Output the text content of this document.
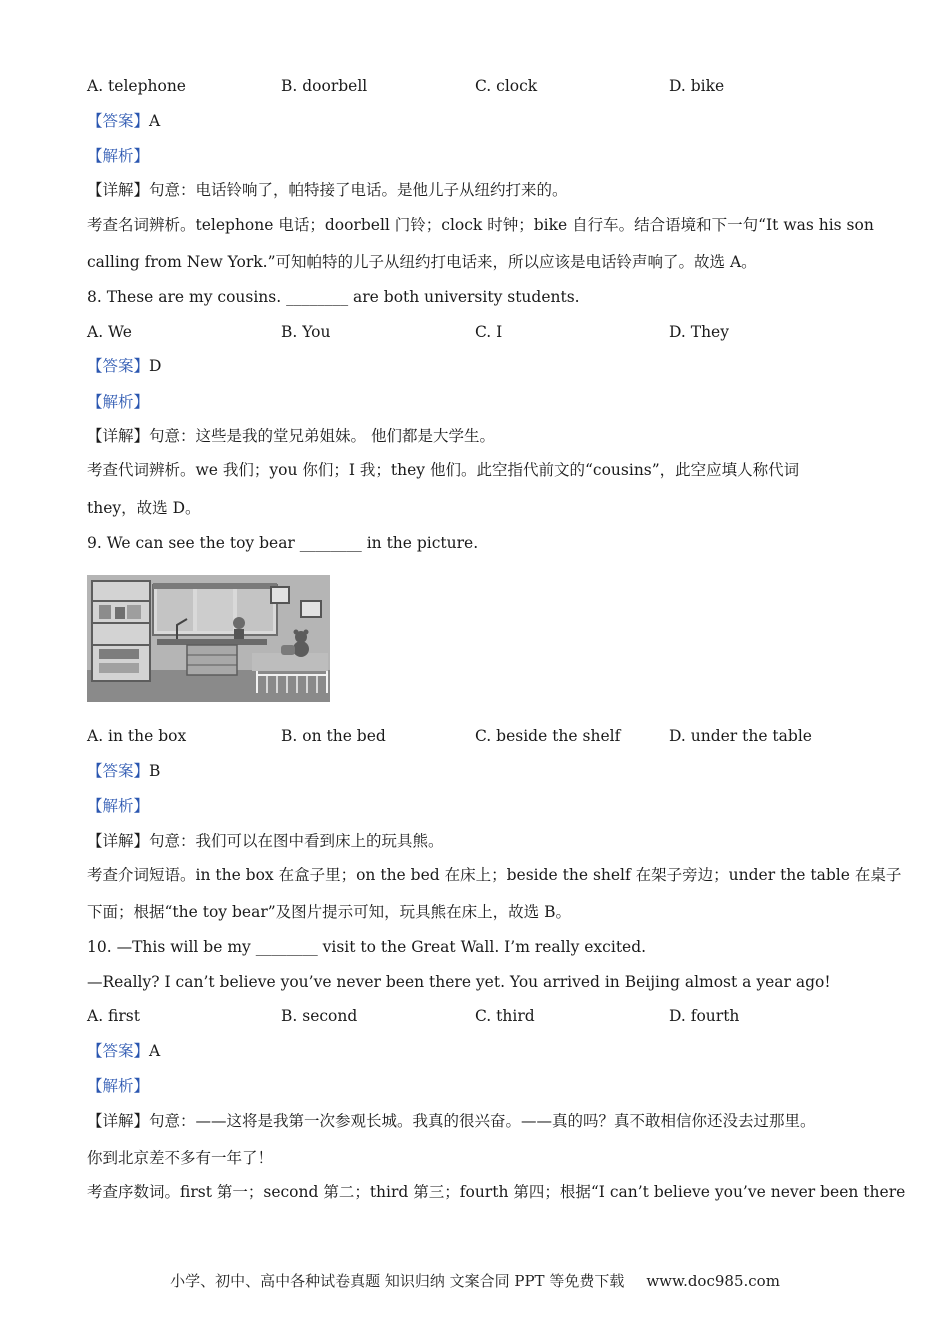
A. telephone	B. doorbell	C. clock	D. bike
【答案】A
【解析】
【详解】句意：电话铃响了，帕特接了电话。是他儿子从纽约打来的。
考查名词辨析。telephone 电话；doorbell 门铃；clock 时钟；bike 自行车。结合语境和下一句“It was his son
calling from New York.”可知帕特的儿子从纽约打电话来，所以应该是电话铃声响了。故选 A。
8. These are my cousins. ________ are both university students.
A. We	B. You	C. I	D. They
【答案】D
【解析】
【详解】句意：这些是我的堂兄弟姐妹。 他们都是大学生。
考查代词辨析。we 我们；you 你们；I 我；they 他们。此空指代前文的“cousins”，此空应填人称代词
they，故选 D。
9. We can see the toy bear ________ in the picture.
A. in the box	B. on the bed	C. beside the shelf	D. under the table
【答案】B
【解析】
【详解】句意：我们可以在图中看到床上的玩具熊。
考查介词短语。in the box 在盒子里；on the bed 在床上；beside the shelf 在架子旁边；under the table 在桌子
下面；根据“the toy bear”及图片提示可知，玩具熊在床上，故选 B。
10. —This will be my ________ visit to the Great Wall. I’m really excited.
—Really? I can’t believe you’ve never been there yet. You arrived in Beijing almost a year ago!
A. first	B. second	C. third	D. fourth
【答案】A
【解析】
【详解】句意：——这将是我第一次参观长城。我真的很兴奋。——真的吗？真不敢相信你还没去过那里。
你到北京差不多有一年了！
考查序数词。first 第一；second 第二；third 第三；fourth 第四；根据“I can’t believe you’ve never been there
小学、初中、高中各种试卷真题 知识归纳 文案合同 PPT 等免费下载 www.doc985.com
